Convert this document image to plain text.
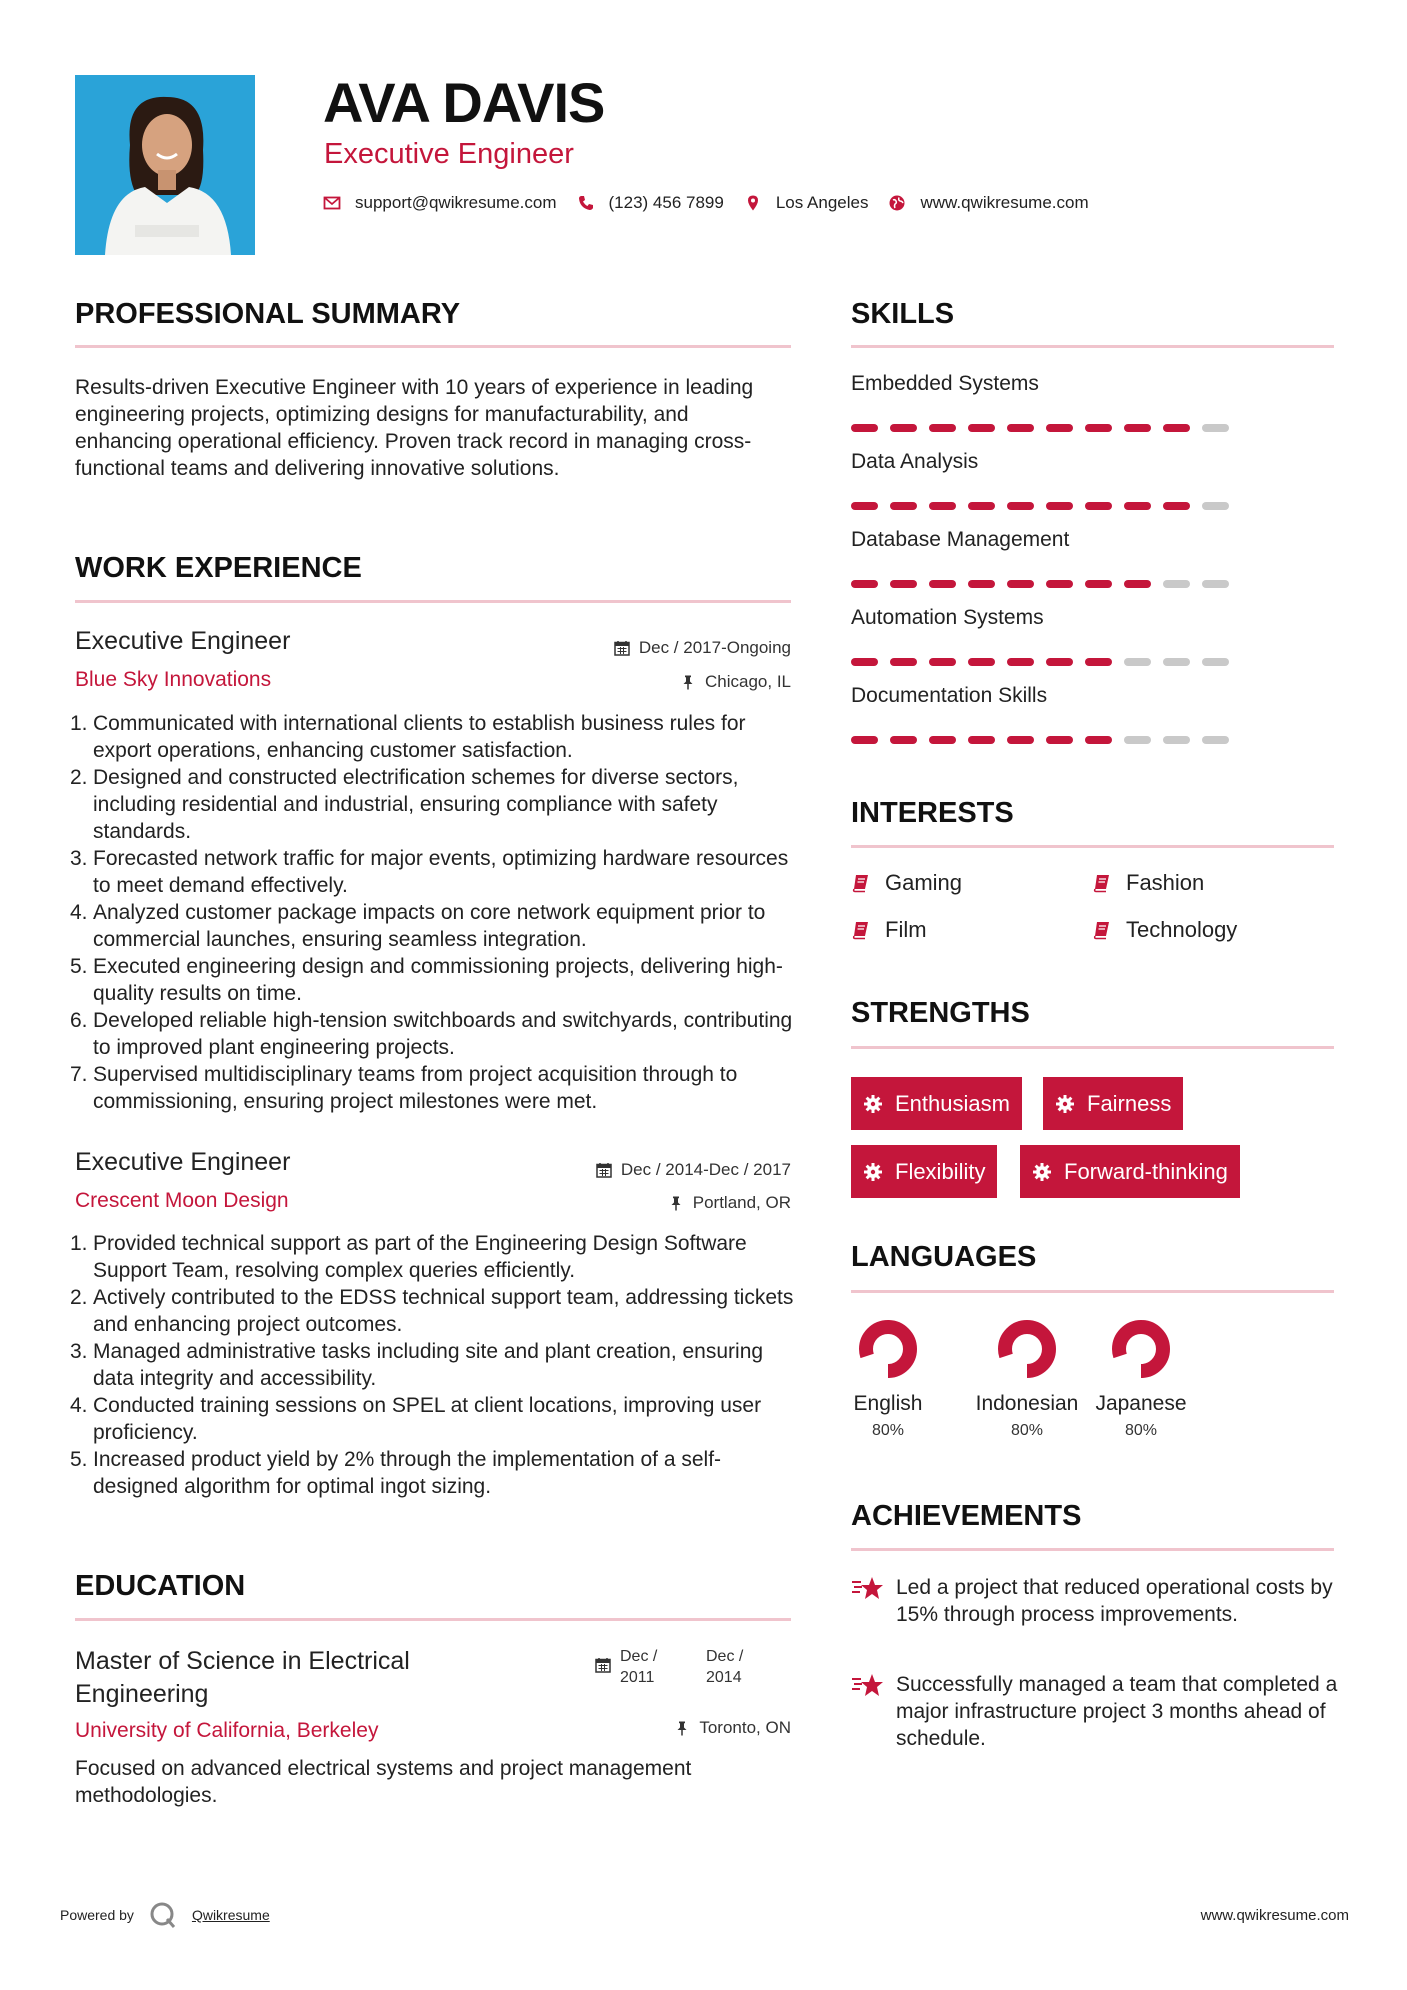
AVA DAVIS
Executive Engineer
support@qwikresume.com	(123) 456 7899	Los Angeles	www.qwikresume.com
PROFESSIONAL SUMMARY
Results-driven Executive Engineer with 10 years of experience in leading engineering projects, optimizing designs for manufacturability, and enhancing operational efficiency. Proven track record in managing cross-functional teams and delivering innovative solutions.
WORK EXPERIENCE
Executive Engineer
Blue Sky Innovations
Dec / 2017-Ongoing
Chicago, IL
1. Communicated with international clients to establish business rules for export operations, enhancing customer satisfaction.
2. Designed and constructed electrification schemes for diverse sectors, including residential and industrial, ensuring compliance with safety standards.
3. Forecasted network traffic for major events, optimizing hardware resources to meet demand effectively.
4. Analyzed customer package impacts on core network equipment prior to commercial launches, ensuring seamless integration.
5. Executed engineering design and commissioning projects, delivering high-quality results on time.
6. Developed reliable high-tension switchboards and switchyards, contributing to improved plant engineering projects.
7. Supervised multidisciplinary teams from project acquisition through to commissioning, ensuring project milestones were met.
Executive Engineer
Crescent Moon Design
Dec / 2014-Dec / 2017
Portland, OR
1. Provided technical support as part of the Engineering Design Software Support Team, resolving complex queries efficiently.
2. Actively contributed to the EDSS technical support team, addressing tickets and enhancing project outcomes.
3. Managed administrative tasks including site and plant creation, ensuring data integrity and accessibility.
4. Conducted training sessions on SPEL at client locations, improving user proficiency.
5. Increased product yield by 2% through the implementation of a self-designed algorithm for optimal ingot sizing.
EDUCATION
Master of Science in Electrical Engineering
University of California, Berkeley
Dec / 2011
Dec / 2014
Toronto, ON
Focused on advanced electrical systems and project management methodologies.
SKILLS
Embedded Systems
Data Analysis
Database Management
Automation Systems
Documentation Skills
INTERESTS
Gaming	Fashion
Film	Technology
STRENGTHS
Enthusiasm	Fairness
Flexibility	Forward-thinking
LANGUAGES
English
80%
Indonesian
80%
Japanese
80%
ACHIEVEMENTS
Led a project that reduced operational costs by 15% through process improvements.
Successfully managed a team that completed a major infrastructure project 3 months ahead of schedule.
Powered by	Qwikresume	www.qwikresume.com
